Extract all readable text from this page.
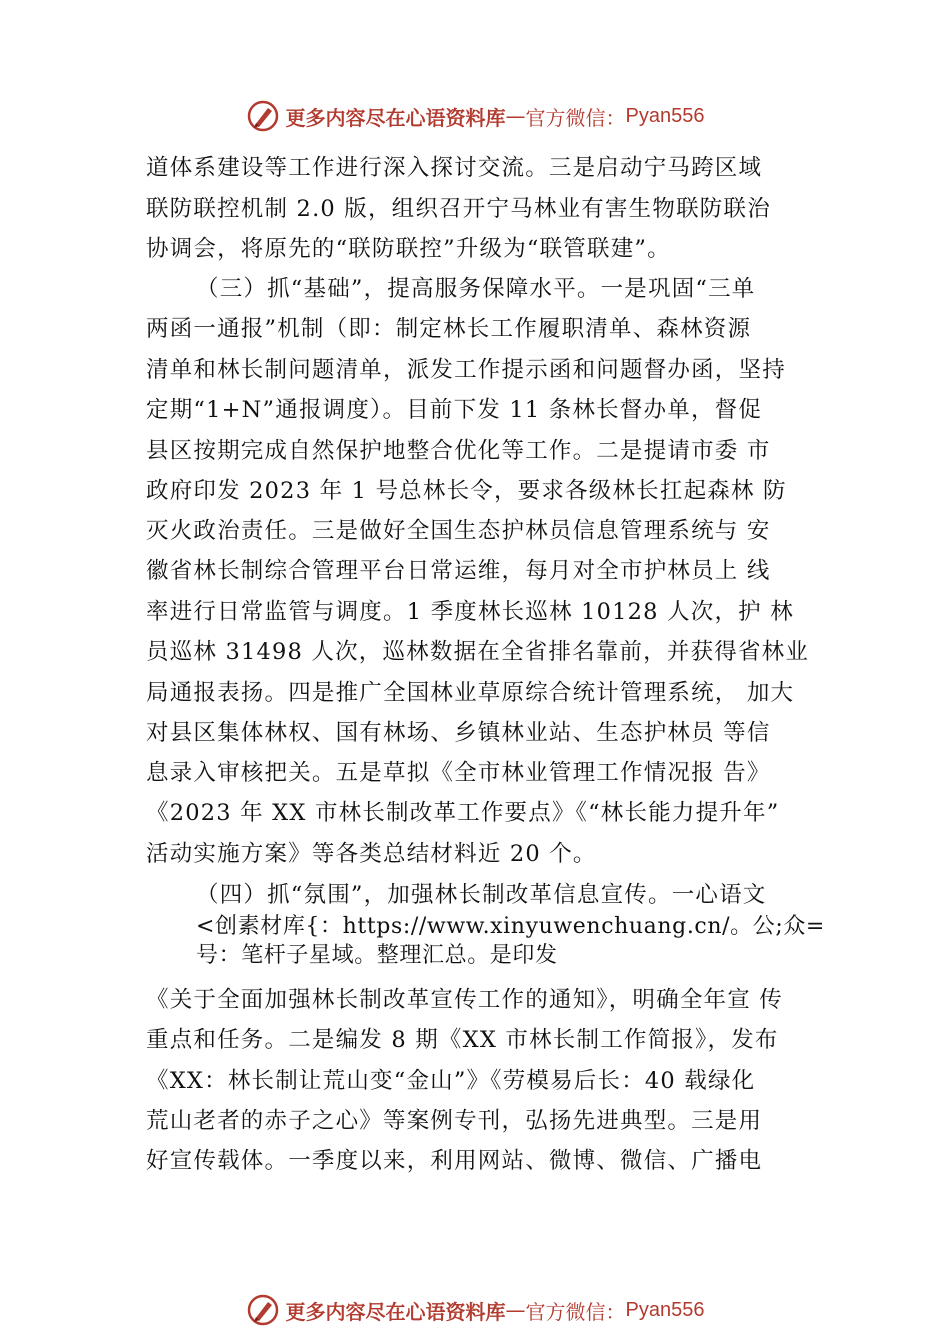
更多内容尽在心语资料库 — 官方微信： Pyan556
道体系建设等工作进行深入探讨交流。三是启动宁马跨区域
联防联控机制 2.0 版，组织召开宁马林业有害生物联防联治
协调会，将原先的“联防联控”升级为“联管联建”。
（三）抓“基础”，提高服务保障水平。一是巩固“三单
两函一通报”机制（即：制定林长工作履职清单、森林资源
清单和林长制问题清单，派发工作提示函和问题督办函，坚持
定期“1+N”通报调度）。目前下发 11 条林长督办单，督促
县区按期完成自然保护地整合优化等工作。二是提请市委 市
政府印发 2023 年 1 号总林长令，要求各级林长扛起森林 防
灭火政治责任。三是做好全国生态护林员信息管理系统与 安
徽省林长制综合管理平台日常运维，每月对全市护林员上 线
率进行日常监管与调度。1 季度林长巡林 10128 人次，护 林
员巡林 31498 人次，巡林数据在全省排名靠前，并获得省林业
局通报表扬。四是推广全国林业草原综合统计管理系统， 加大
对县区集体林权、国有林场、乡镇林业站、生态护林员 等信
息录入审核把关。五是草拟《全市林业管理工作情况报 告》
《2023 年 XX 市林长制改革工作要点》《“林长能力提升年”
活动实施方案》等各类总结材料近 20 个。
（四）抓“氛围”，加强林长制改革信息宣传。一心语文
<创素材库{：https://www.xinyuwenchuang.cn/。公;众=
号：笔杆子星域。整理汇总。是印发
《关于全面加强林长制改革宣传工作的通知》，明确全年宣 传
重点和任务。二是编发 8 期《XX 市林长制工作简报》，发布
《XX：林长制让荒山变“金山”》《劳模易后长：40 载绿化
荒山老者的赤子之心》等案例专刊，弘扬先进典型。三是用
好宣传载体。一季度以来，利用网站、微博、微信、广播电
更多内容尽在心语资料库 — 官方微信： Pyan556
